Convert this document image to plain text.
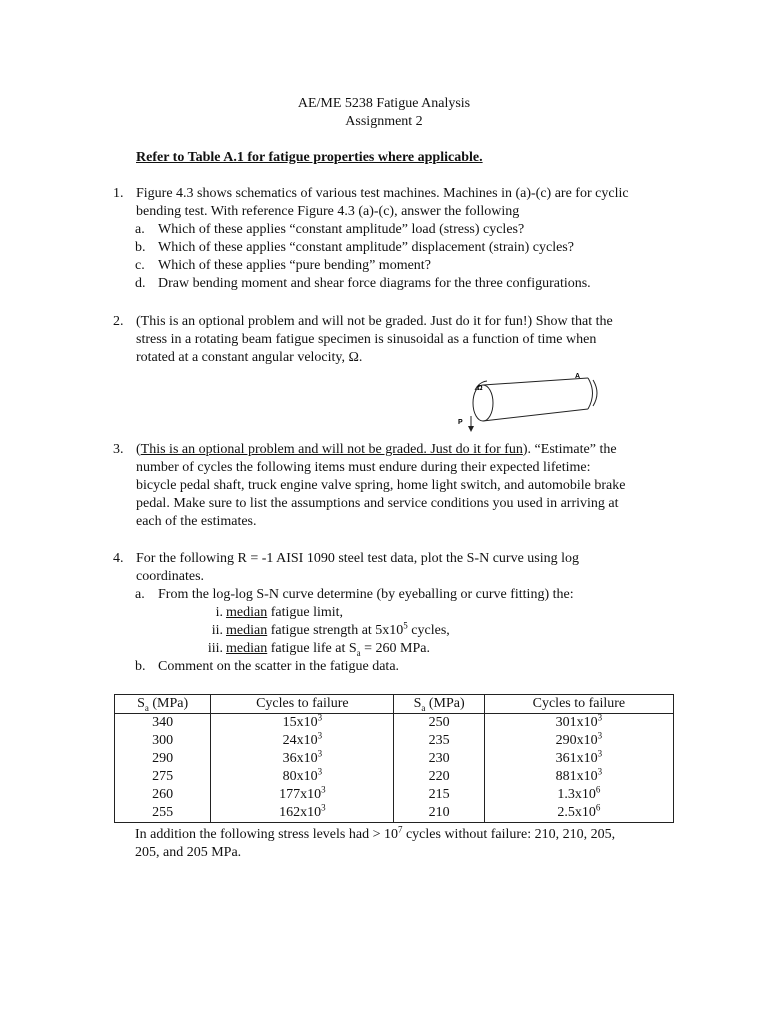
AE/ME 5238 Fatigue Analysis
Assignment 2
Refer to Table A.1 for fatigue properties where applicable.
1. Figure 4.3 shows schematics of various test machines. Machines in (a)-(c) are for cyclic
bending test. With reference Figure 4.3 (a)-(c), answer the following
a. Which of these applies “constant amplitude” load (stress) cycles?
b. Which of these applies “constant amplitude” displacement (strain) cycles?
c. Which of these applies “pure bending” moment?
d. Draw bending moment and shear force diagrams for the three configurations.
2. (This is an optional problem and will not be graded. Just do it for fun!) Show that the
stress in a rotating beam fatigue specimen is sinusoidal as a function of time when
rotated at a constant angular velocity, Ω.
A
Ω
P
3. (This is an optional problem and will not be graded. Just do it for fun). “Estimate” the
number of cycles the following items must endure during their expected lifetime:
bicycle pedal shaft, truck engine valve spring, home light switch, and automobile brake
pedal. Make sure to list the assumptions and service conditions you used in arriving at
each of the estimates.
4. For the following R = -1 AISI 1090 steel test data, plot the S-N curve using log
coordinates.
a. From the log-log S-N curve determine (by eyeballing or curve fitting) the:
i. median fatigue limit,
ii. median fatigue strength at $5x10^5$ cycles,
iii. median fatigue life at $S_a = 260$ MPa.
b. Comment on the scatter in the fatigue data.
$S_a$ (MPa)	Cycles to failure	$S_a$ (MPa)	Cycles to failure
340	$15x10^3$	250	$301x10^3$
300	$24x10^3$	235	$290x10^3$
290	$36x10^3$	230	$361x10^3$
275	$80x10^3$	220	$881x10^3$
260	$177x10^3$	215	$1.3x10^6$
255	$162x10^3$	210	$2.5x10^6$
In addition the following stress levels had > $10^7$ cycles without failure: 210, 210, 205,
205, and 205 MPa.
